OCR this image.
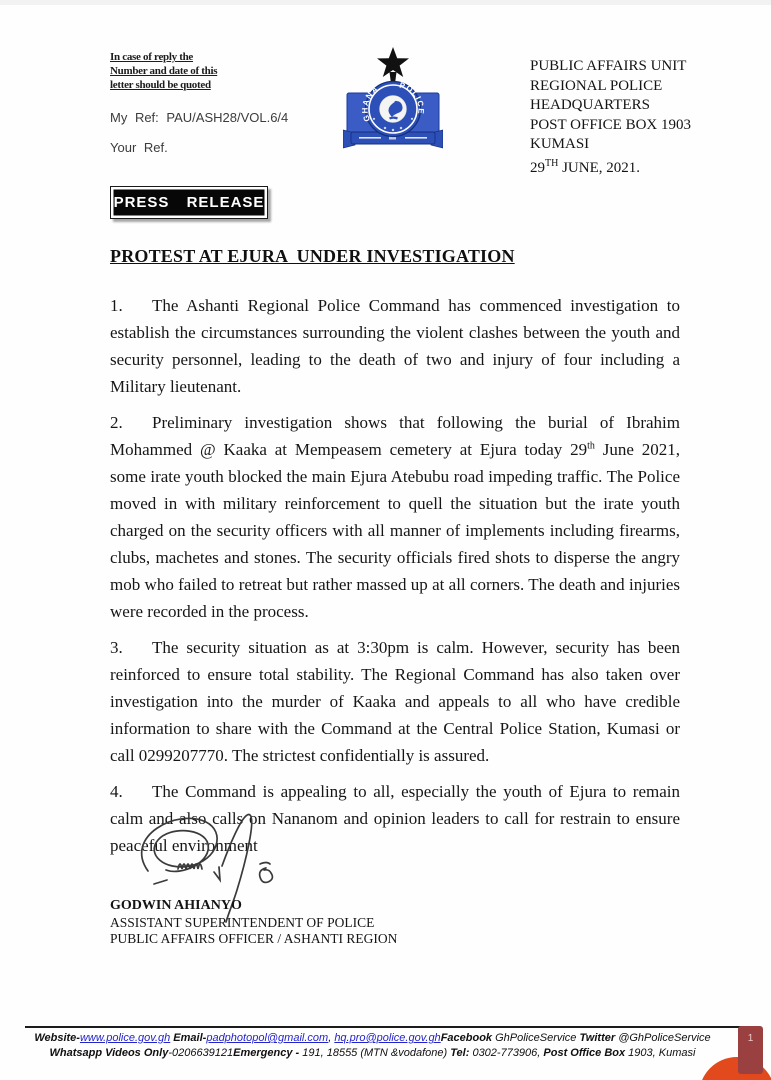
In case of reply the
Number and date of this
letter should be quoted
My Ref: PAU/ASH28/VOL.6/4
Your Ref.
GHANA POLICE
PUBLIC AFFAIRS UNIT
REGIONAL POLICE
HEADQUARTERS
POST OFFICE BOX 1903
KUMASI
29TH JUNE, 2021.
PRESS RELEASE
PROTEST AT EJURA  UNDER INVESTIGATION

1. The Ashanti Regional Police Command has commenced investigation to establish the circumstances surrounding the violent clashes between the youth and security personnel, leading to the death of two and injury of four including a Military lieutenant.

2. Preliminary investigation shows that following the burial of Ibrahim Mohammed @ Kaaka at Mempeasem cemetery at Ejura today 29th June 2021, some irate youth blocked the main Ejura Atebubu road impeding traffic. The Police moved in with military reinforcement to quell the situation but the irate youth charged on the security officers with all manner of implements including firearms, clubs, machetes and stones. The security officials fired shots to disperse the angry mob who failed to retreat but rather massed up at all corners. The death and injuries were recorded in the process.

3. The security situation as at 3:30pm is calm. However, security has been reinforced to ensure total stability. The Regional Command has also taken over investigation into the murder of Kaaka and appeals to all who have credible information to share with the Command at the Central Police Station, Kumasi or call 0299207770. The strictest confidentially is assured.

4. The Command is appealing to all, especially the youth of Ejura to remain calm and also calls on Nananom and opinion leaders to call for restrain to ensure peaceful environment

GODWIN AHIANYO
ASSISTANT SUPERINTENDENT OF POLICE
PUBLIC AFFAIRS OFFICER / ASHANTI REGION
Website-www.police.gov.gh Email-padphotopol@gmail.com, hq.pro@police.gov.ghFacebook GhPoliceService Twitter @GhPoliceService
Whatsapp Videos Only-0206639121Emergency - 191, 18555 (MTN &vodafone) Tel: 0302-773906, Post Office Box 1903, Kumasi
1
